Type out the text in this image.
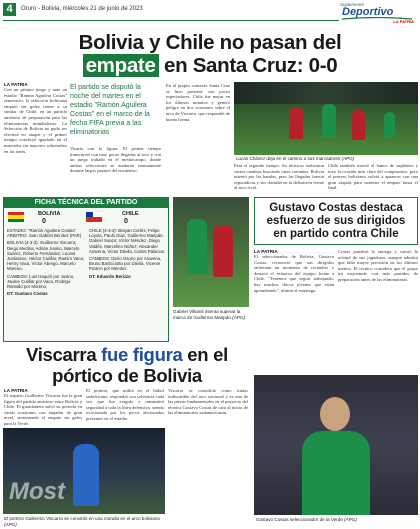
4	Oruro - Bolivia, miércoles 21 de junio de 2023
Suplemento
Deportivo
LA PATRIA
Bolivia y Chile no pasan del
empate en Santa Cruz: 0-0
LA PATRIA
Con un pésimo juego y ante un estadio "Ramón Aguilera Costas" semivacío, la selección boliviana empató sin goles frente a su similar de Chile, en un partido amistoso de preparación para las eliminatorias mundialistas. La Selección de Bolivia no pudo ser efectiva en ataque y el primer tiempo concluyó igualado en el marcador sin mayores sobresaltos en las áreas.
El partido se disputó la noche del martes en el estadio "Ramón Aguilera Costas" en el marco de la fecha FIFA previa a las eliminatorias
Visaría con la figura. El primer tiempo transcurrió con muy pocas llegadas al arco y con un juego trabado en el mediocampo, donde ambas selecciones se anularon mutuamente durante largos pasajes del encuentro.
En el propio contexto Santa Cruz se hizo presente con pocos espectadores. Chile fue mejor en los últimos minutos y generó peligro en dos ocasiones sobre el arco de Viscarra, que respondió de buena forma.
Lucas Chávez deja en el camino a sus marcadores (APG)
Para el segundo tiempo, los técnicos realizaron varios cambios buscando otras variantes. Bolivia intentó por las bandas, pero las llegadas fueron esporádicas y sin claridad en la definición frente al arco rival.
Chile también movió el banco de suplentes y tuvo la ocasión más clara del compromiso, pero el portero boliviano volvió a aparecer con una gran atajada para sostener el empate hasta el final.
FICHA TÉCNICA DEL PARTIDO
BOLIVIA
0
CHILE
0
ESTADIO: "Ramón Aguilera Costas"
ARBITRO: Juan Gabriel Benítez (PAR)
BOLIVIA (4-3-3): Guillermo Viscarra; Diego Medina, Adrián Jusino, Marcelo Suárez, Roberto Fernández; Leonel Justiniano, Héctor Cuéllar, Ramiro Vaca; Henry Vaca, Víctor Ábrego, Marcelo Moreno.
CAMBIOS: Luis Haquín por Jusino, Jaume Cuéllar por Vaca, Rodrigo Ramallo por Moreno.
DT: Gustavo Costas
CHILE (4-3-3): Brayan Cortés; Felipe Loyola, Paulo Díaz, Guillermo Maripán, Gabriel Suazo; Víctor Méndez, Diego Valdés, Marcelino Núñez; Alexander Aravena, Víctor Dávila, Carlos Palacios.
CAMBIOS: Darío Osorio por Aravena, Bruno Barticciotto por Dávila, Vicente Pizarro por Méndez.
DT: Eduardo Berizzo
Gabriel Villamil intenta superar la marca de Guillermo Maripán (APG)
Gustavo Costas destaca esfuerzo de sus dirigidos en partido contra Chile
LA PATRIA
El seleccionador de Bolivia, Gustavo Costas, reconoció que sus dirigidos enfrentan un momento de recambio y destacó el esfuerzo del equipo frente a Chile. "Tenemos que seguir trabajando, hay muchos chicos jóvenes que están aprendiendo", afirmó el estratega.
Costas ponderó la entrega y valoró la actitud de sus jugadores, aunque admitió que falta mayor precisión en los últimos metros. El técnico considera que el grupo irá mejorando con más partidos de preparación antes de las eliminatorias.
Gustavo Costas seleccionador de la Verde (APG)
Viscarra fue figura en el
pórtico de Bolivia
LA PATRIA
El arquero Guillermo Viscarra fue la gran figura del partido amistoso entre Bolivia y Chile. El guardameta salvó su portería en varias ocasiones con atajadas de gran nivel, sosteniendo el empate sin goles para la Verde.
El portero, que milita en el fútbol sudafricano, respondió con solvencia cada vez que fue exigido y transmitió seguridad a toda la línea defensiva, siendo ovacionado por los pocos aficionados presentes en el estadio.
Viscarra se consolida como titular indiscutible del arco nacional y es una de las piezas fundamentales en el proyecto del técnico Gustavo Costas de cara al inicio de las eliminatorias sudamericanas.
Most
El portero Guillermo Viscarra se convirtió en una muralla en el arco boliviano (APG)
